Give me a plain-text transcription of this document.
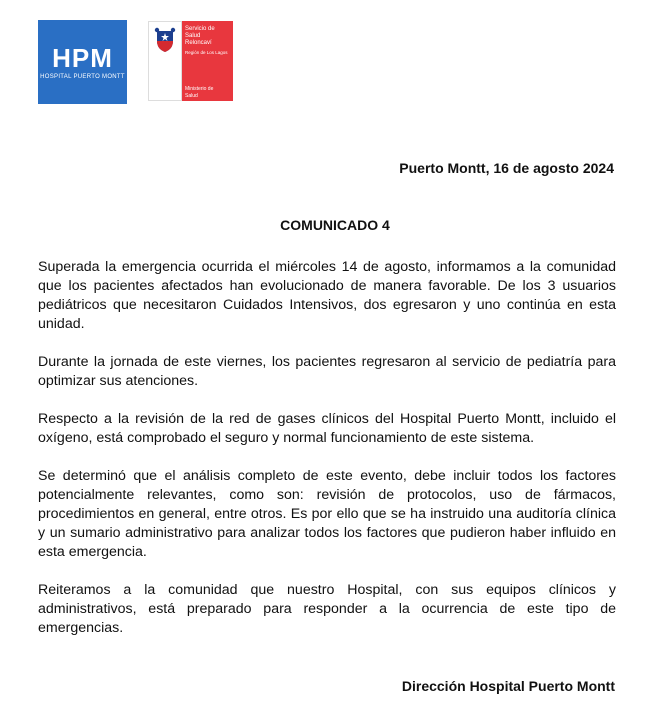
HPM
HOSPITAL PUERTO MONTT
Servicio de
Salud
Reloncaví
Región de Los Lagos
Ministerio de
Salud
Puerto Montt, 16 de agosto 2024
COMUNICADO 4

Superada la emergencia ocurrida el miércoles 14 de agosto, informamos a la comunidad que los pacientes afectados han evolucionado de manera favorable. De los 3 usuarios pediátricos que necesitaron Cuidados Intensivos, dos egresaron y uno continúa en esta unidad.

Durante la jornada de este viernes, los pacientes regresaron al servicio de pediatría para optimizar sus atenciones.

Respecto a la revisión de la red de gases clínicos del Hospital Puerto Montt, incluido el oxígeno, está comprobado el seguro y normal funcionamiento de este sistema.

Se determinó que el análisis completo de este evento, debe incluir todos los factores potencialmente relevantes, como son: revisión de protocolos, uso de fármacos, procedimientos en general, entre otros. Es por ello que se ha instruido una auditoría clínica y un sumario administrativo para analizar todos los factores que pudieron haber influido en esta emergencia.

Reiteramos a la comunidad que nuestro Hospital, con sus equipos clínicos y administrativos, está preparado para responder a la ocurrencia de este tipo de emergencias.

Dirección Hospital Puerto Montt
